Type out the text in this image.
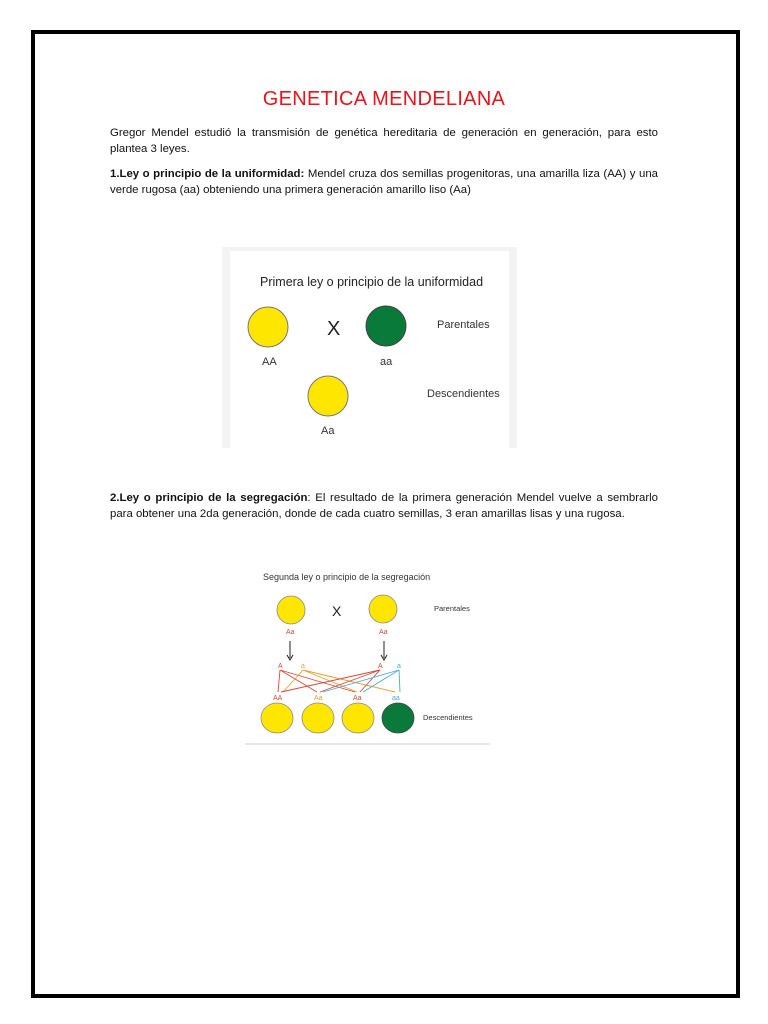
GENETICA MENDELIANA
Gregor Mendel estudió la transmisión de genética hereditaria de generación en generación, para esto plantea 3 leyes.
1.Ley o principio de la uniformidad: Mendel cruza dos semillas progenitoras, una amarilla liza (AA) y una verde rugosa (aa) obteniendo una primera generación amarillo liso (Aa)
Primera ley o principio de la uniformidad
X	Parentales
AA	aa
Descendientes
Aa
2.Ley o principio de la segregación: El resultado de la primera generación Mendel vuelve a sembrarlo para obtener una 2da generación, donde de cada cuatro semillas, 3 eran amarillas lisas y una rugosa.
Segunda ley o principio de la segregación
X	Parentales
Aa	Aa
A	a	A a
AA	Aa	Aa	aa
Descendientes
